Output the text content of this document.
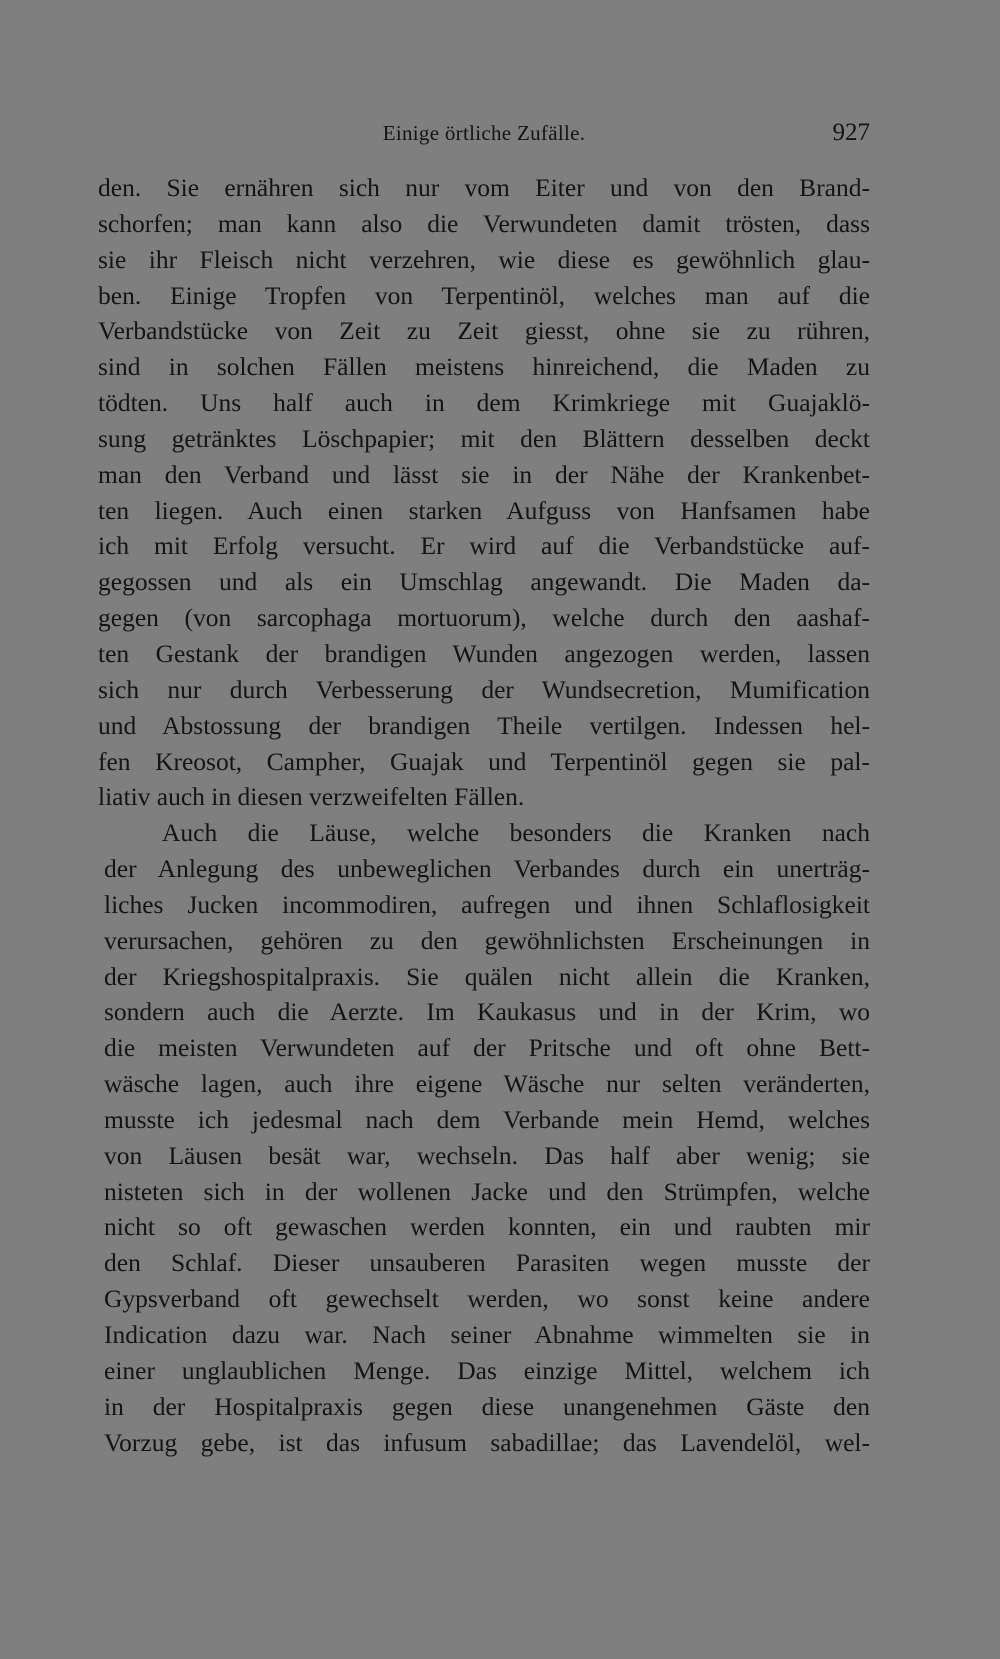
Einige örtliche Zufälle.	927
den. Sie ernähren sich nur vom Eiter und von den Brand-
schorfen; man kann also die Verwundeten damit trösten, dass
sie ihr Fleisch nicht verzehren, wie diese es gewöhnlich glau-
ben. Einige Tropfen von Terpentinöl, welches man auf die
Verbandstücke von Zeit zu Zeit giesst, ohne sie zu rühren,
sind in solchen Fällen meistens hinreichend, die Maden zu
tödten. Uns half auch in dem Krimkriege mit Guajaklö-
sung getränktes Löschpapier; mit den Blättern desselben deckt
man den Verband und lässt sie in der Nähe der Krankenbet-
ten liegen. Auch einen starken Aufguss von Hanfsamen habe
ich mit Erfolg versucht. Er wird auf die Verbandstücke auf-
gegossen und als ein Umschlag angewandt. Die Maden da-
gegen (von sarcophaga mortuorum), welche durch den aashaf-
ten Gestank der brandigen Wunden angezogen werden, lassen
sich nur durch Verbesserung der Wundsecretion, Mumification
und Abstossung der brandigen Theile vertilgen. Indessen hel-
fen Kreosot, Campher, Guajak und Terpentinöl gegen sie pal-
liativ auch in diesen verzweifelten Fällen.
Auch die Läuse, welche besonders die Kranken nach
der Anlegung des unbeweglichen Verbandes durch ein unerträg-
liches Jucken incommodiren, aufregen und ihnen Schlaflosigkeit
verursachen, gehören zu den gewöhnlichsten Erscheinungen in
der Kriegshospitalpraxis. Sie quälen nicht allein die Kranken,
sondern auch die Aerzte. Im Kaukasus und in der Krim, wo
die meisten Verwundeten auf der Pritsche und oft ohne Bett-
wäsche lagen, auch ihre eigene Wäsche nur selten veränderten,
musste ich jedesmal nach dem Verbande mein Hemd, welches
von Läusen besät war, wechseln. Das half aber wenig; sie
nisteten sich in der wollenen Jacke und den Strümpfen, welche
nicht so oft gewaschen werden konnten, ein und raubten mir
den Schlaf. Dieser unsauberen Parasiten wegen musste der
Gypsverband oft gewechselt werden, wo sonst keine andere
Indication dazu war. Nach seiner Abnahme wimmelten sie in
einer unglaublichen Menge. Das einzige Mittel, welchem ich
in der Hospitalpraxis gegen diese unangenehmen Gäste den
Vorzug gebe, ist das infusum sabadillae; das Lavendelöl, wel-
